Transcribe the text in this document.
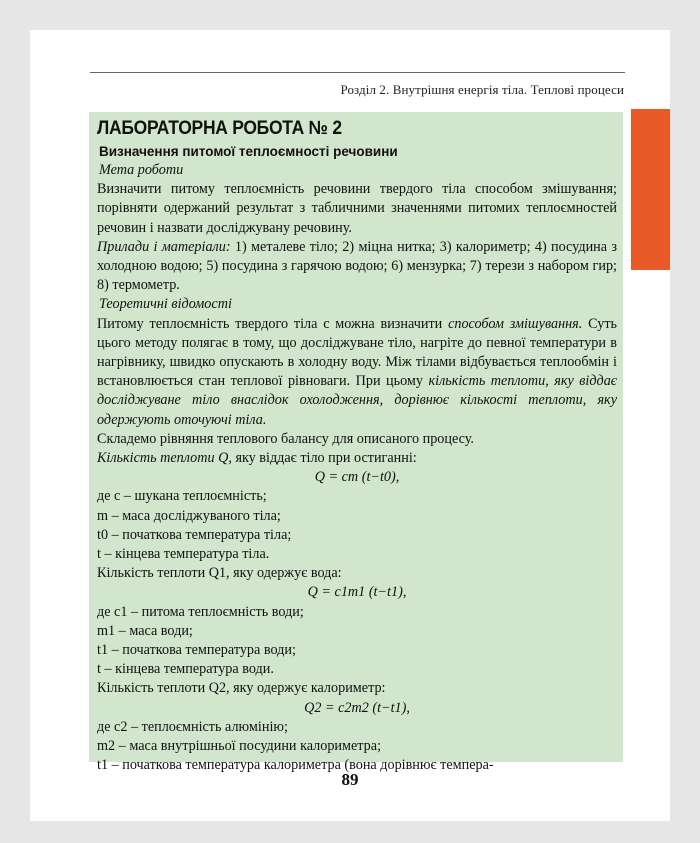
Розділ 2. Внутрішня енергія тіла. Теплові процеси
ЛАБОРАТОРНА РОБОТА № 2
Визначення питомої теплоємності речовини
Мета роботи

Визначити питому теплоємність речовини твердого тіла способом змішування; порівняти одержаний результат з табличними значеннями питомих теплоємностей речовин і назвати досліджувану речовину.

Прилади і матеріали: 1) металеве тіло; 2) міцна нитка; 3) калориметр; 4) посудина з холодною водою; 5) посудина з гарячою водою; 6) мензурка; 7) терези з набором гир; 8) термометр.

Теоретичні відомості

Питому теплоємність твердого тіла c можна визначити способом змішування. Суть цього методу полягає в тому, що досліджуване тіло, нагріте до певної температури в нагрівнику, швидко опускають в холодну воду. Між тілами відбувається теплообмін і встановлюється стан теплової рівноваги. При цьому кількість теплоти, яку віддає досліджуване тіло внаслідок охолодження, дорівнює кількості теплоти, яку одержують оточуючі тіла.

Складемо рівняння теплового балансу для описаного процесу.

Кількість теплоти Q, яку віддає тіло при остиганні:

Q = cm (t−t0),
де c – шукана теплоємність;
m – маса досліджуваного тіла;
t0 – початкова температура тіла;
t – кінцева температура тіла.
Кількість теплоти Q1, яку одержує вода:
Q = c1m1 (t−t1),
де c1 – питома теплоємність води;
m1 – маса води;
t1 – початкова температура води;
t – кінцева температура води.
Кількість теплоти Q2, яку одержує калориметр:
Q2 = c2m2 (t−t1),
де c2 – теплоємність алюмінію;
m2 – маса внутрішньої посудини калориметра;
t1 – початкова температура калориметра (вона дорівнює темпера-
89
